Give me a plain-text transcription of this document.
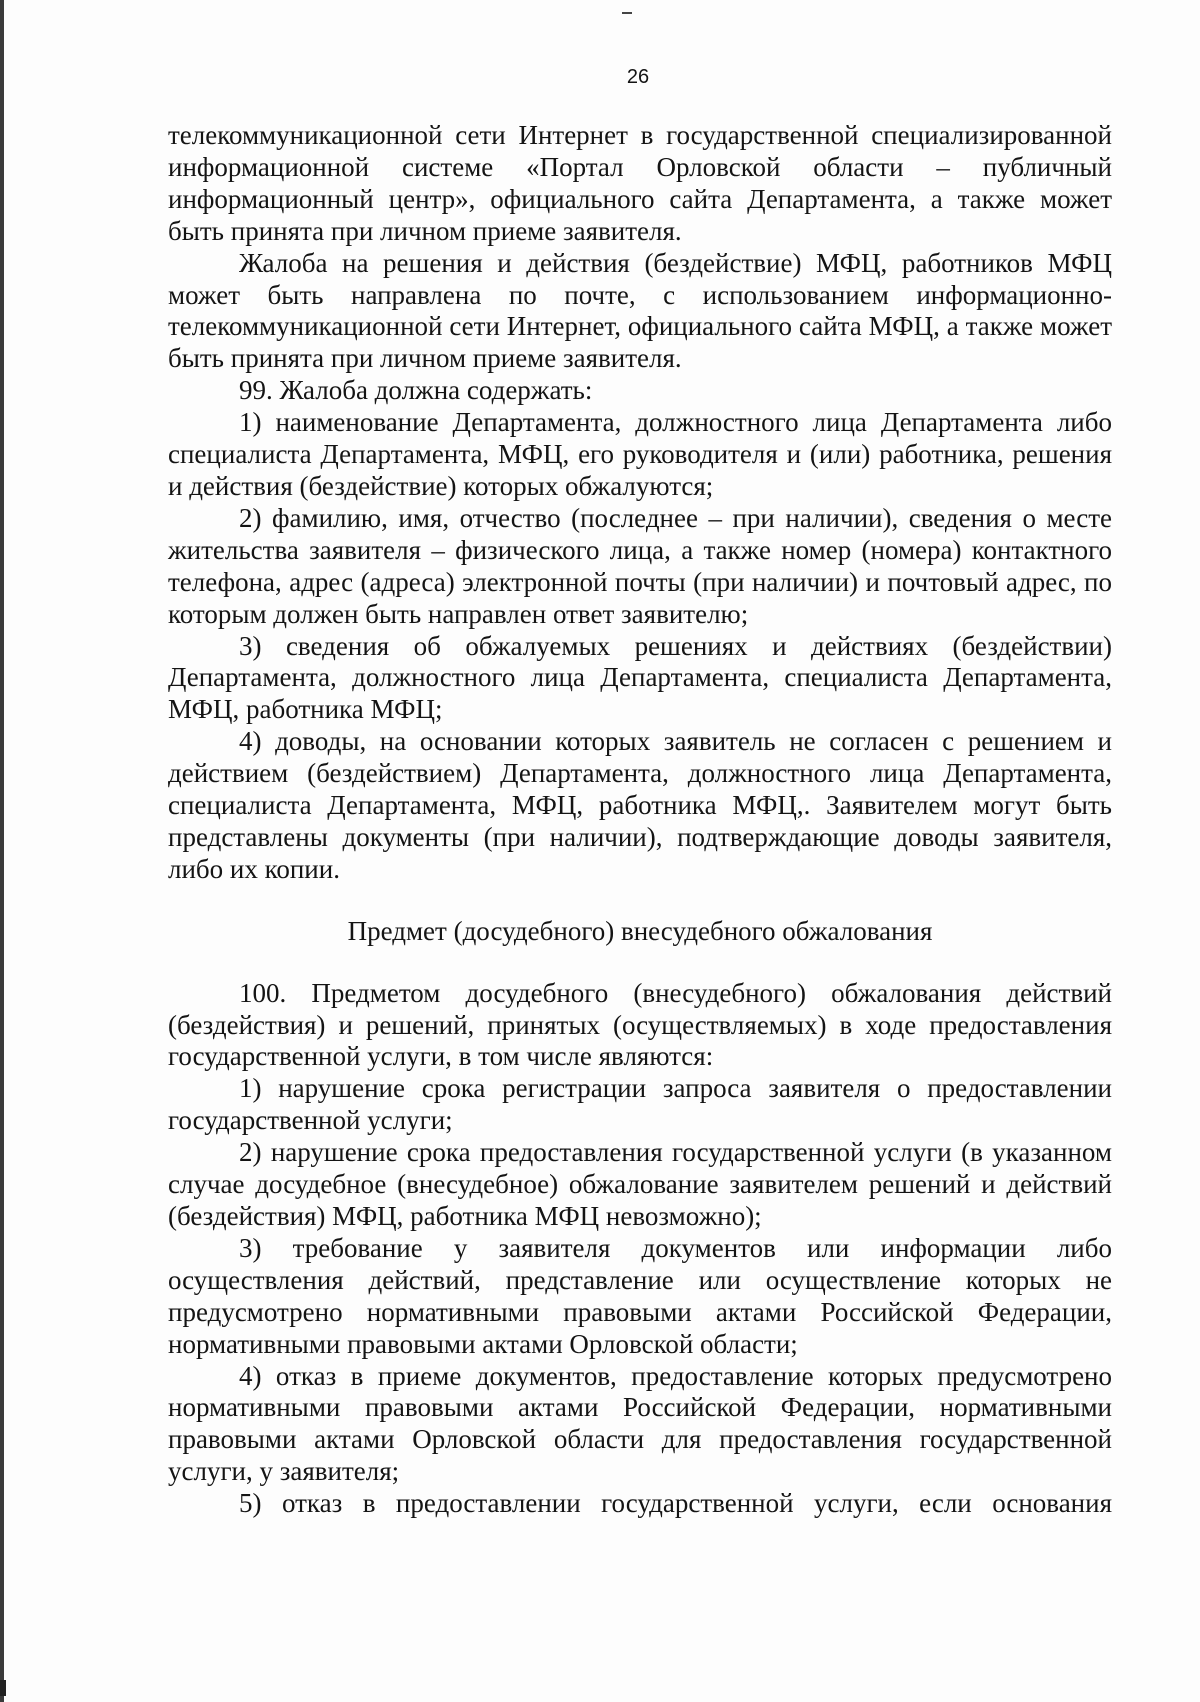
26

телекоммуникационной сети Интернет в государственной специализированной информационной системе «Портал Орловской области – публичный информационный центр», официального сайта Департамента, а также может быть принята при личном приеме заявителя.

Жалоба на решения и действия (бездействие) МФЦ, работников МФЦ может быть направлена по почте, с использованием информационно-телекоммуникационной сети Интернет, официального сайта МФЦ, а также может быть принята при личном приеме заявителя.

99. Жалоба должна содержать:

1) наименование Департамента, должностного лица Департамента либо специалиста Департамента, МФЦ, его руководителя и (или) работника, решения и действия (бездействие) которых обжалуются;

2) фамилию, имя, отчество (последнее – при наличии), сведения о месте жительства заявителя – физического лица, а также номер (номера) контактного телефона, адрес (адреса) электронной почты (при наличии) и почтовый адрес, по которым должен быть направлен ответ заявителю;

3) сведения об обжалуемых решениях и действиях (бездействии) Департамента, должностного лица Департамента, специалиста Департамента, МФЦ, работника МФЦ;

4) доводы, на основании которых заявитель не согласен с решением и действием (бездействием) Департамента, должностного лица Департамента, специалиста Департамента, МФЦ, работника МФЦ,. Заявителем могут быть представлены документы (при наличии), подтверждающие доводы заявителя, либо их копии.

Предмет (досудебного) внесудебного обжалования

100. Предметом досудебного (внесудебного) обжалования действий (бездействия) и решений, принятых (осуществляемых) в ходе предоставления государственной услуги, в том числе являются:

1) нарушение срока регистрации запроса заявителя о предоставлении государственной услуги;

2) нарушение срока предоставления государственной услуги (в указанном случае досудебное (внесудебное) обжалование заявителем решений и действий (бездействия) МФЦ, работника МФЦ невозможно);

3) требование у заявителя документов или информации либо осуществления действий, представление или осуществление которых не предусмотрено нормативными правовыми актами Российской Федерации, нормативными правовыми актами Орловской области;

4) отказ в приеме документов, предоставление которых предусмотрено нормативными правовыми актами Российской Федерации, нормативными правовыми актами Орловской области для предоставления государственной услуги, у заявителя;

5) отказ в предоставлении государственной услуги, если основания
